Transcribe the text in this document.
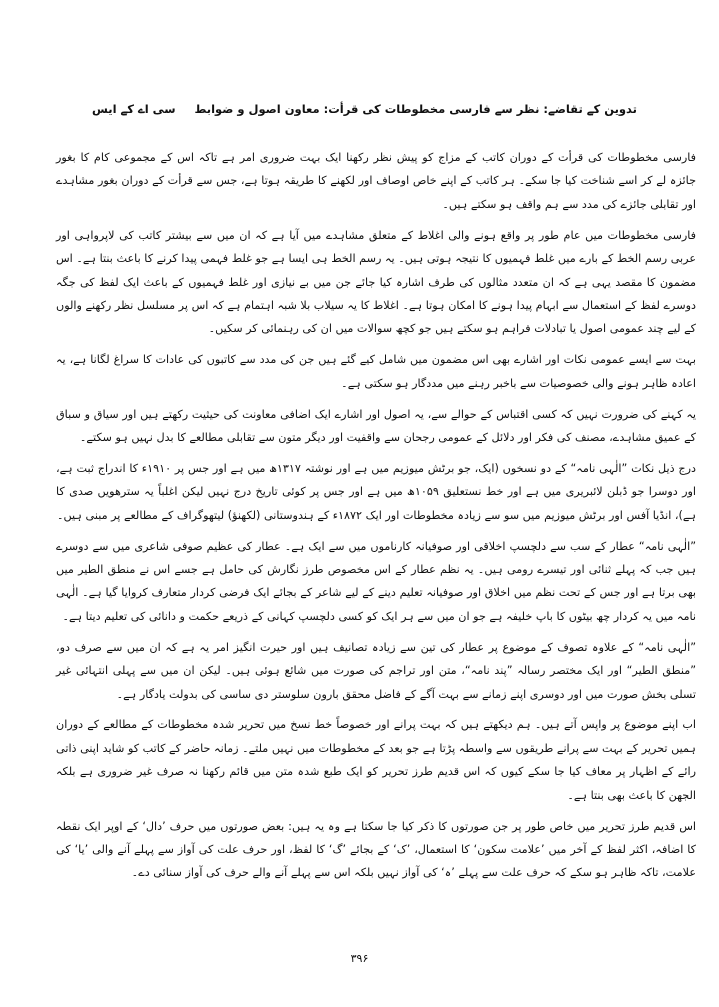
تدوین کے تقاضے: نظر سے فارسی مخطوطات کی قرأت: معاون اصول و ضوابط
سی اے کے ایس

فارسی مخطوطات کی قرأت کے دوران کاتب کے مزاج کو پیش نظر رکھنا ایک بہت ضروری امر ہے تاکہ اس کے مجموعی کام کا بغور جائزہ لے کر اسے شناخت کیا جا سکے۔ ہر کاتب کے اپنے خاص اوصاف اور لکھنے کا طریقہ ہوتا ہے، جس سے قرأت کے دوران بغور مشاہدے اور تقابلی جائزے کی مدد سے ہم واقف ہو سکتے ہیں۔

فارسی مخطوطات میں عام طور پر واقع ہونے والی اغلاط کے متعلق مشاہدے میں آیا ہے کہ ان میں سے بیشتر کاتب کی لاپرواہی اور عربی رسم الخط کے بارے میں غلط فہمیوں کا نتیجہ ہوتی ہیں۔ یہ رسم الخط ہی ایسا ہے جو غلط فہمی پیدا کرنے کا باعث بنتا ہے۔ اس مضمون کا مقصد یہی ہے کہ ان متعدد مثالوں کی طرف اشارہ کیا جائے جن میں بے نیازی اور غلط فہمیوں کے باعث ایک لفظ کی جگہ دوسرے لفظ کے استعمال سے ابہام پیدا ہونے کا امکان ہوتا ہے۔ اغلاط کا یہ سیلاب بلا شبہ اہتمام ہے کہ اس پر مسلسل نظر رکھنے والوں کے لیے چند عمومی اصول یا تبادلات فراہم ہو سکتے ہیں جو کچھ سوالات میں ان کی رہنمائی کر سکیں۔

بہت سے ایسے عمومی نکات اور اشارے بھی اس مضمون میں شامل کیے گئے ہیں جن کی مدد سے کاتبوں کی عادات کا سراغ لگانا ہے، یہ اعادہ ظاہر ہونے والی خصوصیات سے باخبر رہنے میں مددگار ہو سکتی ہے۔

یہ کہنے کی ضرورت نہیں کہ کسی اقتباس کے حوالے سے، یہ اصول اور اشارے ایک اضافی معاونت کی حیثیت رکھتے ہیں اور سیاق و سباق کے عمیق مشاہدے، مصنف کی فکر اور دلائل کے عمومی رجحان سے واقفیت اور دیگر متون سے تقابلی مطالعے کا بدل نہیں ہو سکتے۔

درج ذیل نکات ”الٰہی نامہ“ کے دو نسخوں (ایک، جو برٹش میوزیم میں ہے اور نوشتہ ۱۳۱۷ھ میں ہے اور جس پر ۱۹۱۰ء کا اندراج ثبت ہے، اور دوسرا جو ڈبلن لائبریری میں ہے اور خط نستعلیق ۱۰۵۹ھ میں ہے اور جس پر کوئی تاریخ درج نہیں لیکن اغلباً یہ سترھویں صدی کا ہے)، انڈیا آفس اور برٹش میوزیم میں سو سے زیادہ مخطوطات اور ایک ۱۸۷۲ء کے ہندوستانی (لکھنؤ) لیتھوگراف کے مطالعے پر مبنی ہیں۔

”الٰہی نامہ“ عطار کے سب سے دلچسپ اخلاقی اور صوفیانہ کارناموں میں سے ایک ہے۔ عطار کی عظیم صوفی شاعری میں سے دوسرے ہیں جب کہ پہلے ثنائی اور تیسرے رومی ہیں۔ یہ نظم عطار کے اس مخصوص طرز نگارش کی حامل ہے جسے اس نے منطق الطیر میں بھی برتا ہے اور جس کے تحت نظم میں اخلاق اور صوفیانہ تعلیم دینے کے لیے شاعر کے بجائے ایک فرضی کردار متعارف کروایا گیا ہے۔ الٰہی نامہ میں یہ کردار چھ بیٹوں کا باپ خلیفہ ہے جو ان میں سے ہر ایک کو کسی دلچسپ کہانی کے ذریعے حکمت و دانائی کی تعلیم دیتا ہے۔

”الٰہی نامہ“ کے علاوہ تصوف کے موضوع پر عطار کی تین سے زیادہ تصانیف ہیں اور حیرت انگیز امر یہ ہے کہ ان میں سے صرف دو، ”منطق الطیر“ اور ایک مختصر رسالہ ”پند نامہ“، متن اور تراجم کی صورت میں شائع ہوئی ہیں۔ لیکن ان میں سے پہلی انتہائی غیر تسلی بخش صورت میں اور دوسری اپنے زمانے سے بہت آگے کے فاضل محقق بارون سلوستر دی ساسی کی بدولت یادگار ہے۔

اب اپنے موضوع پر واپس آتے ہیں۔ ہم دیکھتے ہیں کہ بہت پرانے اور خصوصاً خط نسخ میں تحریر شدہ مخطوطات کے مطالعے کے دوران ہمیں تحریر کے بہت سے پرانے طریقوں سے واسطہ پڑتا ہے جو بعد کے مخطوطات میں نہیں ملتے۔ زمانہ حاضر کے کاتب کو شاید اپنی ذاتی رائے کے اظہار پر معاف کیا جا سکے کیوں کہ اس قدیم طرز تحریر کو ایک طبع شدہ متن میں قائم رکھنا نہ صرف غیر ضروری ہے بلکہ الجھن کا باعث بھی بنتا ہے۔

اس قدیم طرز تحریر میں خاص طور پر جن صورتوں کا ذکر کیا جا سکتا ہے وہ یہ ہیں: بعض صورتوں میں حرف ’دال‘ کے اوپر ایک نقطہ کا اضافہ، اکثر لفظ کے آخر میں ’علامت سکون‘ کا استعمال، ’ک‘ کے بجائے ’گ‘ کا لفظ، اور حرف علت کی آواز سے پہلے آنے والی ’یا‘ کی علامت، تاکہ ظاہر ہو سکے کہ حرف علت سے پہلے ’ہ‘ کی آواز نہیں بلکہ اس سے پہلے آنے والے حرف کی آواز سنائی دے۔

۳۹۶
